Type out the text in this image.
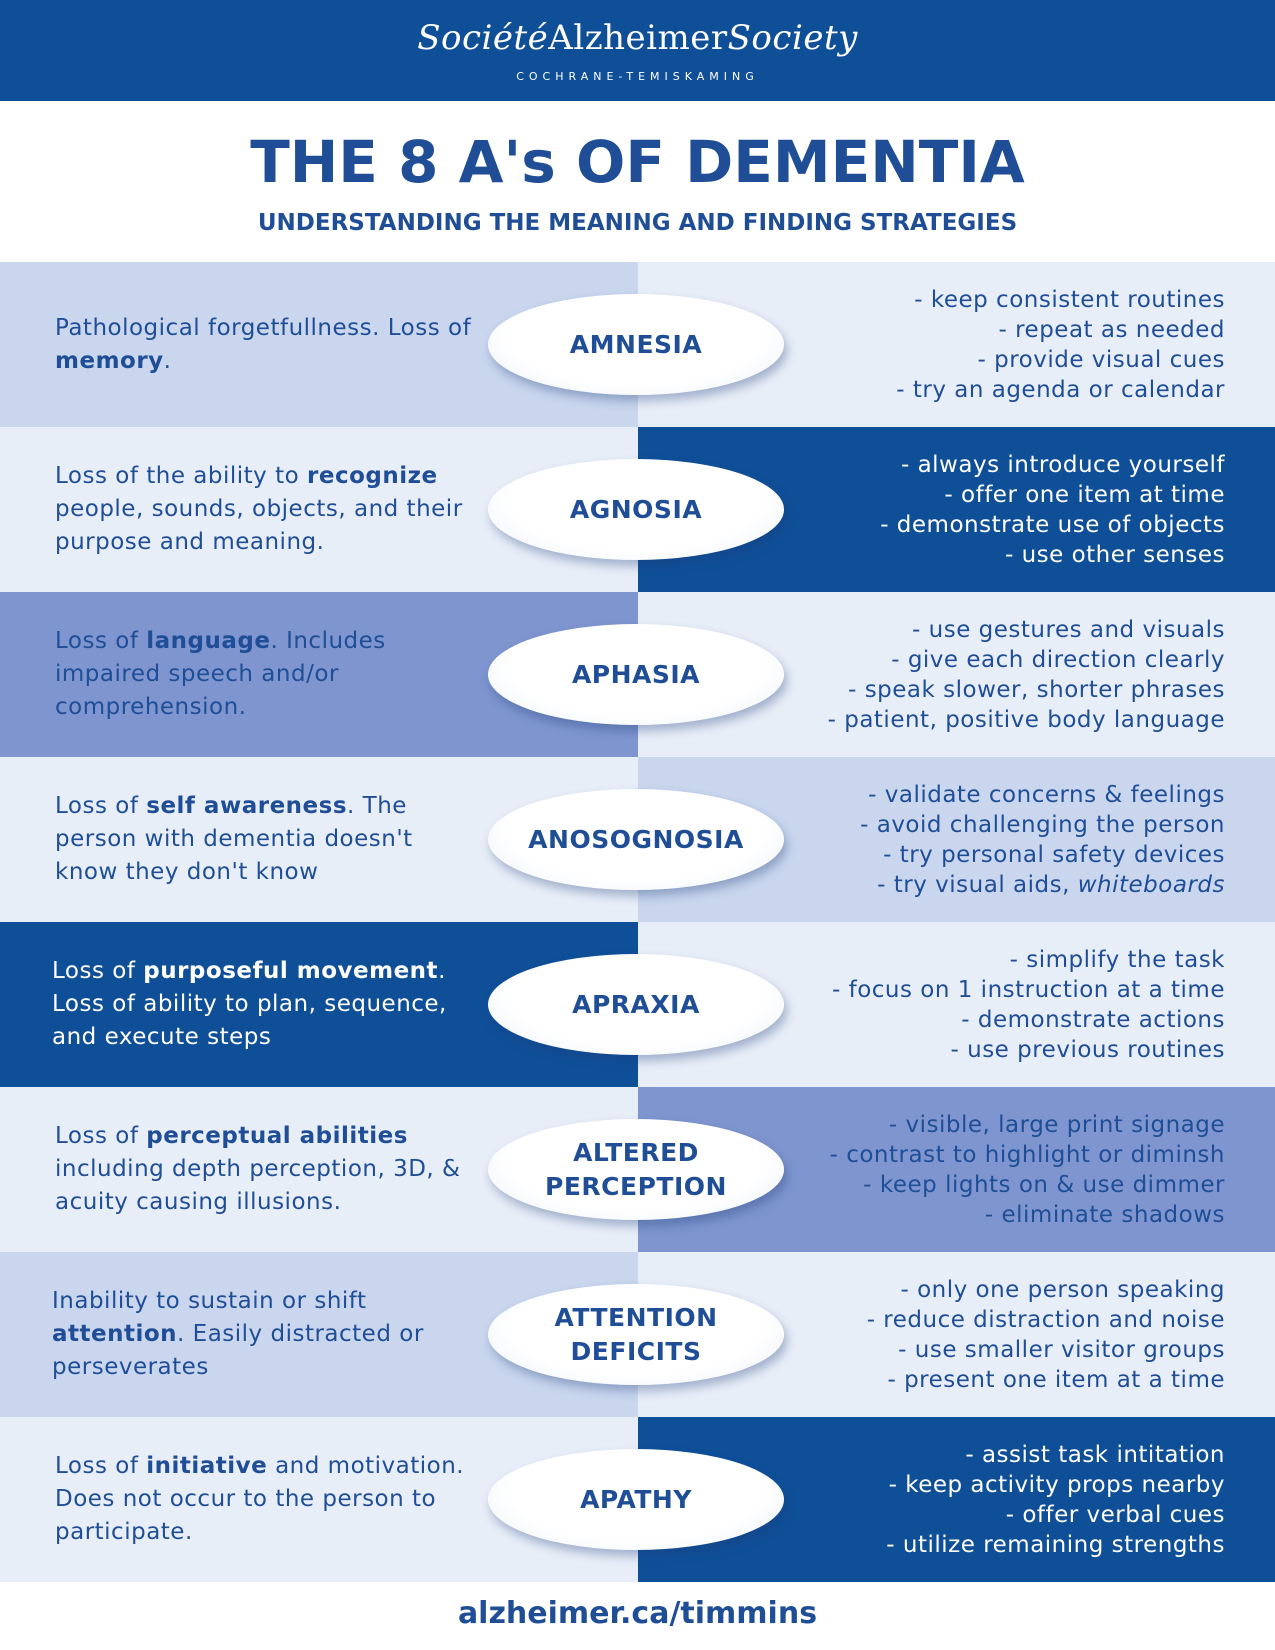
SociétéAlzheimerSociety
COCHRANE-TEMISKAMING
THE 8 A's OF DEMENTIA
UNDERSTANDING THE MEANING AND FINDING STRATEGIES
Pathological forgetfullness. Loss of memory.
- keep consistent routines
- repeat as needed
- provide visual cues
- try an agenda or calendar
AMNESIA
Loss of the ability to recognize people, sounds, objects, and their purpose and meaning.
- always introduce yourself
- offer one item at time
- demonstrate use of objects
- use other senses
AGNOSIA
Loss of language. Includes impaired speech and/or comprehension.
- use gestures and visuals
- give each direction clearly
- speak slower, shorter phrases
- patient, positive body language
APHASIA
Loss of self awareness. The person with dementia doesn't know they don't know
- validate concerns & feelings
- avoid challenging the person
- try personal safety devices
- try visual aids, whiteboards
ANOSOGNOSIA
Loss of purposeful movement. Loss of ability to plan, sequence, and execute steps
- simplify the task
- focus on 1 instruction at a time
- demonstrate actions
- use previous routines
APRAXIA
Loss of perceptual abilities including depth perception, 3D, & acuity causing illusions.
- visible, large print signage
- contrast to highlight or diminsh
- keep lights on & use dimmer
- eliminate shadows
ALTERED
PERCEPTION
Inability to sustain or shift attention. Easily distracted or perseverates
- only one person speaking
- reduce distraction and noise
- use smaller visitor groups
- present one item at a time
ATTENTION
DEFICITS
Loss of initiative and motivation. Does not occur to the person to participate.
- assist task intitation
- keep activity props nearby
- offer verbal cues
- utilize remaining strengths
APATHY
alzheimer.ca/timmins
